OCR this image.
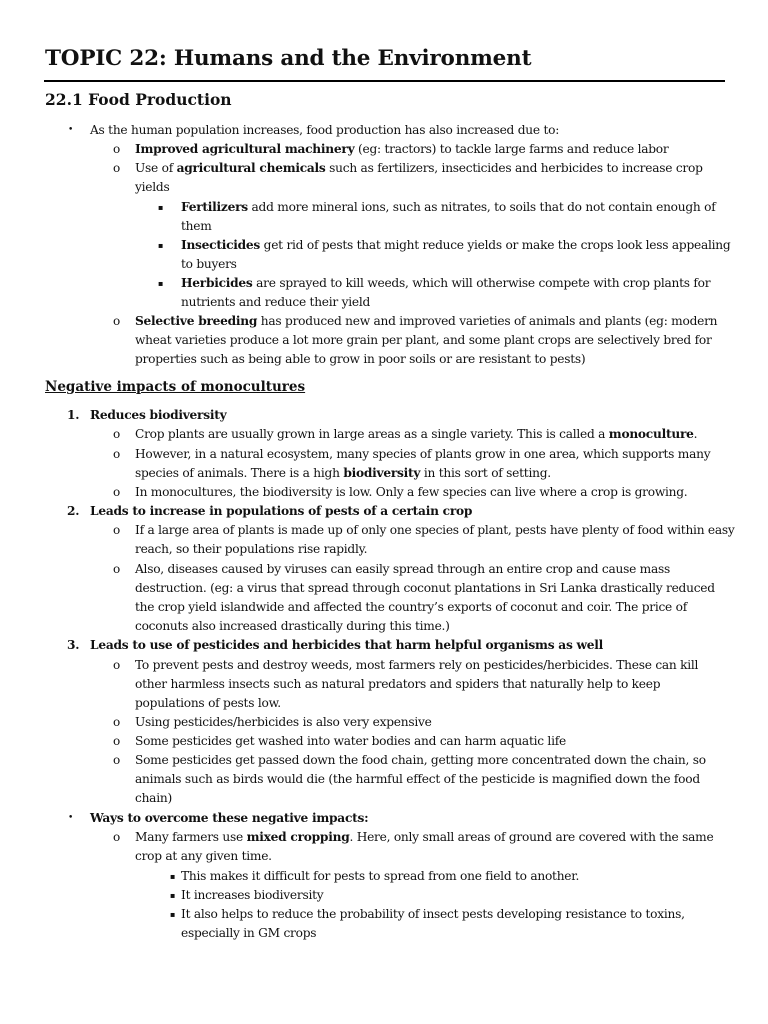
TOPIC 22: Humans and the Environment
22.1 Food Production
• As the human population increases, food production has also increased due to:
o Improved agricultural machinery (eg: tractors) to tackle large farms and reduce labor
o Use of agricultural chemicals such as fertilizers, insecticides and herbicides to increase crop
yields
▪ Fertilizers add more mineral ions, such as nitrates, to soils that do not contain enough of
them
▪ Insecticides get rid of pests that might reduce yields or make the crops look less appealing
to buyers
▪ Herbicides are sprayed to kill weeds, which will otherwise compete with crop plants for
nutrients and reduce their yield
o Selective breeding has produced new and improved varieties of animals and plants (eg: modern
wheat varieties produce a lot more grain per plant, and some plant crops are selectively bred for
properties such as being able to grow in poor soils or are resistant to pests)
Negative impacts of monocultures
1. Reduces biodiversity
o Crop plants are usually grown in large areas as a single variety. This is called a monoculture.
o However, in a natural ecosystem, many species of plants grow in one area, which supports many
species of animals. There is a high biodiversity in this sort of setting.
o In monocultures, the biodiversity is low. Only a few species can live where a crop is growing.
2. Leads to increase in populations of pests of a certain crop
o If a large area of plants is made up of only one species of plant, pests have plenty of food within easy
reach, so their populations rise rapidly.
o Also, diseases caused by viruses can easily spread through an entire crop and cause mass
destruction. (eg: a virus that spread through coconut plantations in Sri Lanka drastically reduced
the crop yield islandwide and affected the country’s exports of coconut and coir. The price of
coconuts also increased drastically during this time.)
3. Leads to use of pesticides and herbicides that harm helpful organisms as well
o To prevent pests and destroy weeds, most farmers rely on pesticides/herbicides. These can kill
other harmless insects such as natural predators and spiders that naturally help to keep
populations of pests low.
o Using pesticides/herbicides is also very expensive
o Some pesticides get washed into water bodies and can harm aquatic life
o Some pesticides get passed down the food chain, getting more concentrated down the chain, so
animals such as birds would die (the harmful effect of the pesticide is magnified down the food
chain)
• Ways to overcome these negative impacts:
o Many farmers use mixed cropping. Here, only small areas of ground are covered with the same
crop at any given time.
▪ This makes it difficult for pests to spread from one field to another.
▪ It increases biodiversity
▪ It also helps to reduce the probability of insect pests developing resistance to toxins,
especially in GM crops
